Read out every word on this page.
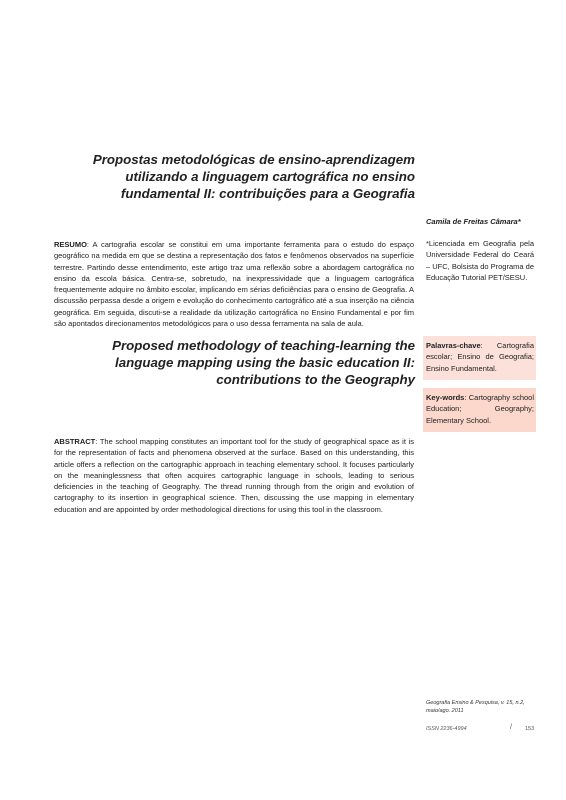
Propostas metodológicas de ensino-aprendizagem utilizando a linguagem cartográfica no ensino fundamental II: contribuições para a Geografia

RESUMO: A cartografia escolar se constitui em uma importante ferramenta para o estudo do espaço geográfico na medida em que se destina a representação dos fatos e fenômenos observados na superfície terrestre. Partindo desse entendimento, este artigo traz uma reflexão sobre a abordagem cartográfica no ensino da escola básica. Centra-se, sobretudo, na inexpressividade que a linguagem cartográfica frequentemente adquire no âmbito escolar, implicando em sérias deficiências para o ensino de Geografia. A discussão perpassa desde a origem e evolução do conhecimento cartográfico até a sua inserção na ciência geográfica. Em seguida, discuti-se a realidade da utilização cartográfica no Ensino Fundamental e por fim são apontados direcionamentos metodológicos para o uso dessa ferramenta na sala de aula.

Proposed methodology of teaching-learning the language mapping using the basic education II: contributions to the Geography

ABSTRACT: The school mapping constitutes an important tool for the study of geographical space as it is for the representation of facts and phenomena observed at the surface. Based on this understanding, this article offers a reflection on the cartographic approach in teaching elementary school. It focuses particularly on the meaninglessness that often acquires cartographic language in schools, leading to serious deficiencies in the teaching of Geography. The thread running through from the origin and evolution of cartography to its insertion in geographical science. Then, discussing the use mapping in elementary education and are appointed by order methodological directions for using this tool in the classroom.

Camila de Freitas Câmara*

*Licenciada em Geografia pela Universidade Federal do Ceará – UFC, Bolsista do Programa de Educação Tutorial PET/SESU.

Palavras-chave: Cartografia escolar; Ensino de Geografia; Ensino Fundamental.

Key-words: Cartography school Education; Geography; Elementary School.

Geografia Ensino & Pesquisa, v. 15, n.2, maio/ago. 2011

ISSN 2236-4994	/ 153
